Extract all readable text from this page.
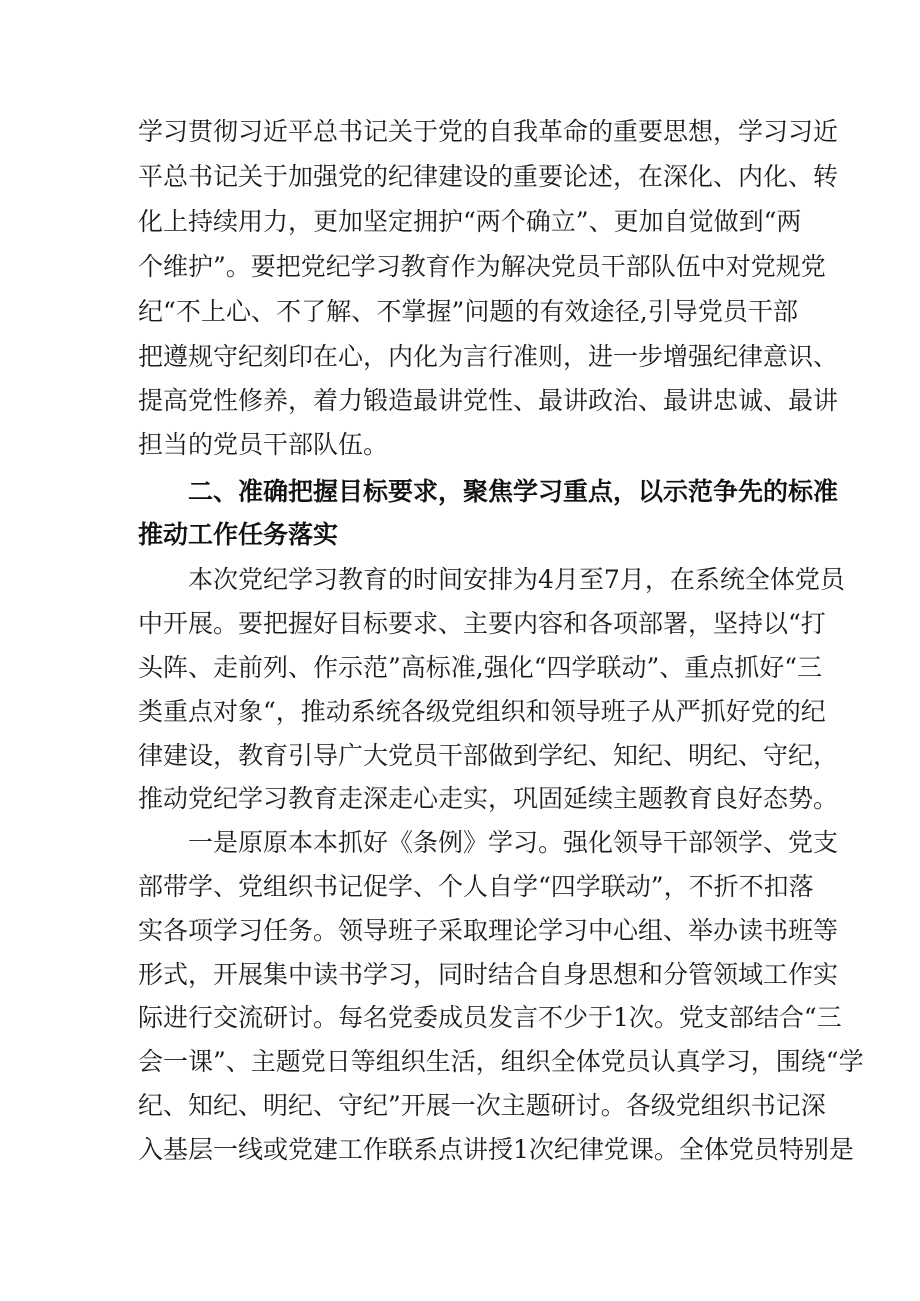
学习贯彻习近平总书记关于党的自我革命的重要思想，学习习近
平总书记关于加强党的纪律建设的重要论述，在深化、内化、转
化上持续用力，更加坚定拥护“两个确立”、更加自觉做到“两
个维护”。要把党纪学习教育作为解决党员干部队伍中对党规党
纪“不上心、不了解、不掌握”问题的有效途径,引导党员干部
把遵规守纪刻印在心，内化为言行准则，进一步增强纪律意识、
提高党性修养，着力锻造最讲党性、最讲政治、最讲忠诚、最讲
担当的党员干部队伍。
二、准确把握目标要求，聚焦学习重点，以示范争先的标准
推动工作任务落实
本次党纪学习教育的时间安排为4月至7月，在系统全体党员
中开展。要把握好目标要求、主要内容和各项部署，坚持以“打
头阵、走前列、作示范”高标准,强化“四学联动”、重点抓好“三
类重点对象“，推动系统各级党组织和领导班子从严抓好党的纪
律建设，教育引导广大党员干部做到学纪、知纪、明纪、守纪，
推动党纪学习教育走深走心走实，巩固延续主题教育良好态势。
一是原原本本抓好《条例》学习。强化领导干部领学、党支
部带学、党组织书记促学、个人自学“四学联动”，不折不扣落
实各项学习任务。领导班子采取理论学习中心组、举办读书班等
形式，开展集中读书学习，同时结合自身思想和分管领域工作实
际进行交流研讨。每名党委成员发言不少于1次。党支部结合“三
会一课”、主题党日等组织生活，组织全体党员认真学习，围绕“学
纪、知纪、明纪、守纪”开展一次主题研讨。各级党组织书记深
入基层一线或党建工作联系点讲授1次纪律党课。全体党员特别是
